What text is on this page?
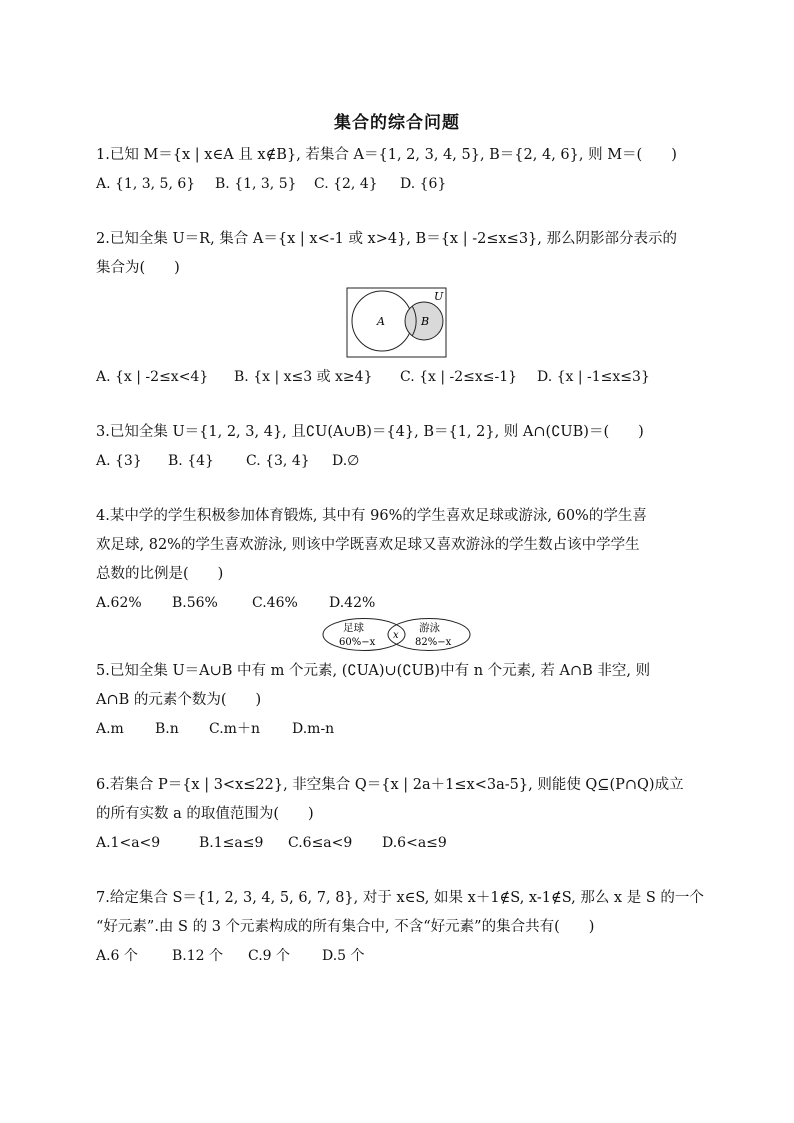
集合的综合问题
1.已知 M＝{x | x∈A 且 x∉B}, 若集合 A＝{1, 2, 3, 4, 5}, B＝{2, 4, 6}, 则 M＝(　　)
A. {1, 3, 5, 6} B. {1, 3, 5} C. {2, 4} D. {6}
2.已知全集 U＝R, 集合 A＝{x | x<-1 或 x>4}, B＝{x | -2≤x≤3}, 那么阴影部分表示的
集合为(　　)
U
A	B
A. {x | -2≤x<4} B. {x | x≤3 或 x≥4} C. {x | -2≤x≤-1} D. {x | -1≤x≤3}
3.已知全集 U＝{1, 2, 3, 4}, 且∁U(A∪B)＝{4}, B＝{1, 2}, 则 A∩(∁UB)＝(　　)
A. {3} B. {4} C. {3, 4} D.∅
4.某中学的学生积极参加体育锻炼, 其中有 96%的学生喜欢足球或游泳, 60%的学生喜
欢足球, 82%的学生喜欢游泳, 则该中学既喜欢足球又喜欢游泳的学生数占该中学学生
总数的比例是(　　)
A.62% B.56% C.46% D.42%
足球
60%−x
x
游泳
82%−x
5.已知全集 U＝A∪B 中有 m 个元素, (∁UA)∪(∁UB)中有 n 个元素, 若 A∩B 非空, 则
A∩B 的元素个数为(　　)
A.m B.n C.m＋n D.m-n
6.若集合 P＝{x | 3<x≤22}, 非空集合 Q＝{x | 2a＋1≤x<3a-5}, 则能使 Q⊆(P∩Q)成立
的所有实数 a 的取值范围为(　　)
A.1<a<9	B.1≤a≤9 C.6≤a<9 D.6<a≤9
7.给定集合 S＝{1, 2, 3, 4, 5, 6, 7, 8}, 对于 x∈S, 如果 x＋1∉S, x-1∉S, 那么 x 是 S 的一个
“好元素”.由 S 的 3 个元素构成的所有集合中, 不含“好元素”的集合共有(　　)
A.6 个 B.12 个 C.9 个 D.5 个
